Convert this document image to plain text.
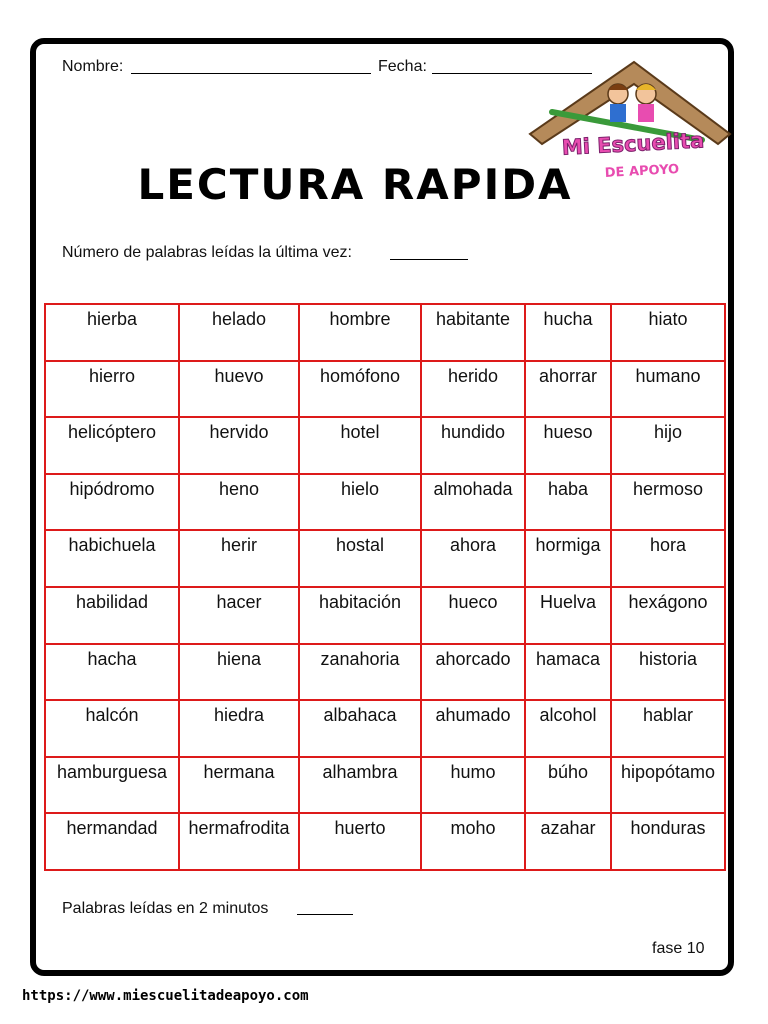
Nombre:	Fecha:
Mi Escuelita
DE APOYO
LECTURA RAPIDA
Número de palabras leídas la última vez:
hierba	helado	hombre	habitante	hucha	hiato
hierro	huevo	homófono	herido	ahorrar	humano
helicóptero	hervido	hotel	hundido	hueso	hijo
hipódromo	heno	hielo	almohada	haba	hermoso
habichuela	herir	hostal	ahora	hormiga	hora
habilidad	hacer	habitación	hueco	Huelva	hexágono
hacha	hiena	zanahoria	ahorcado	hamaca	historia
halcón	hiedra	albahaca	ahumado	alcohol	hablar
hamburguesa	hermana	alhambra	humo	búho	hipopótamo
hermandad	hermafrodita	huerto	moho	azahar	honduras
Palabras leídas en 2 minutos
fase 10
https://www.miescuelitadeapoyo.com
